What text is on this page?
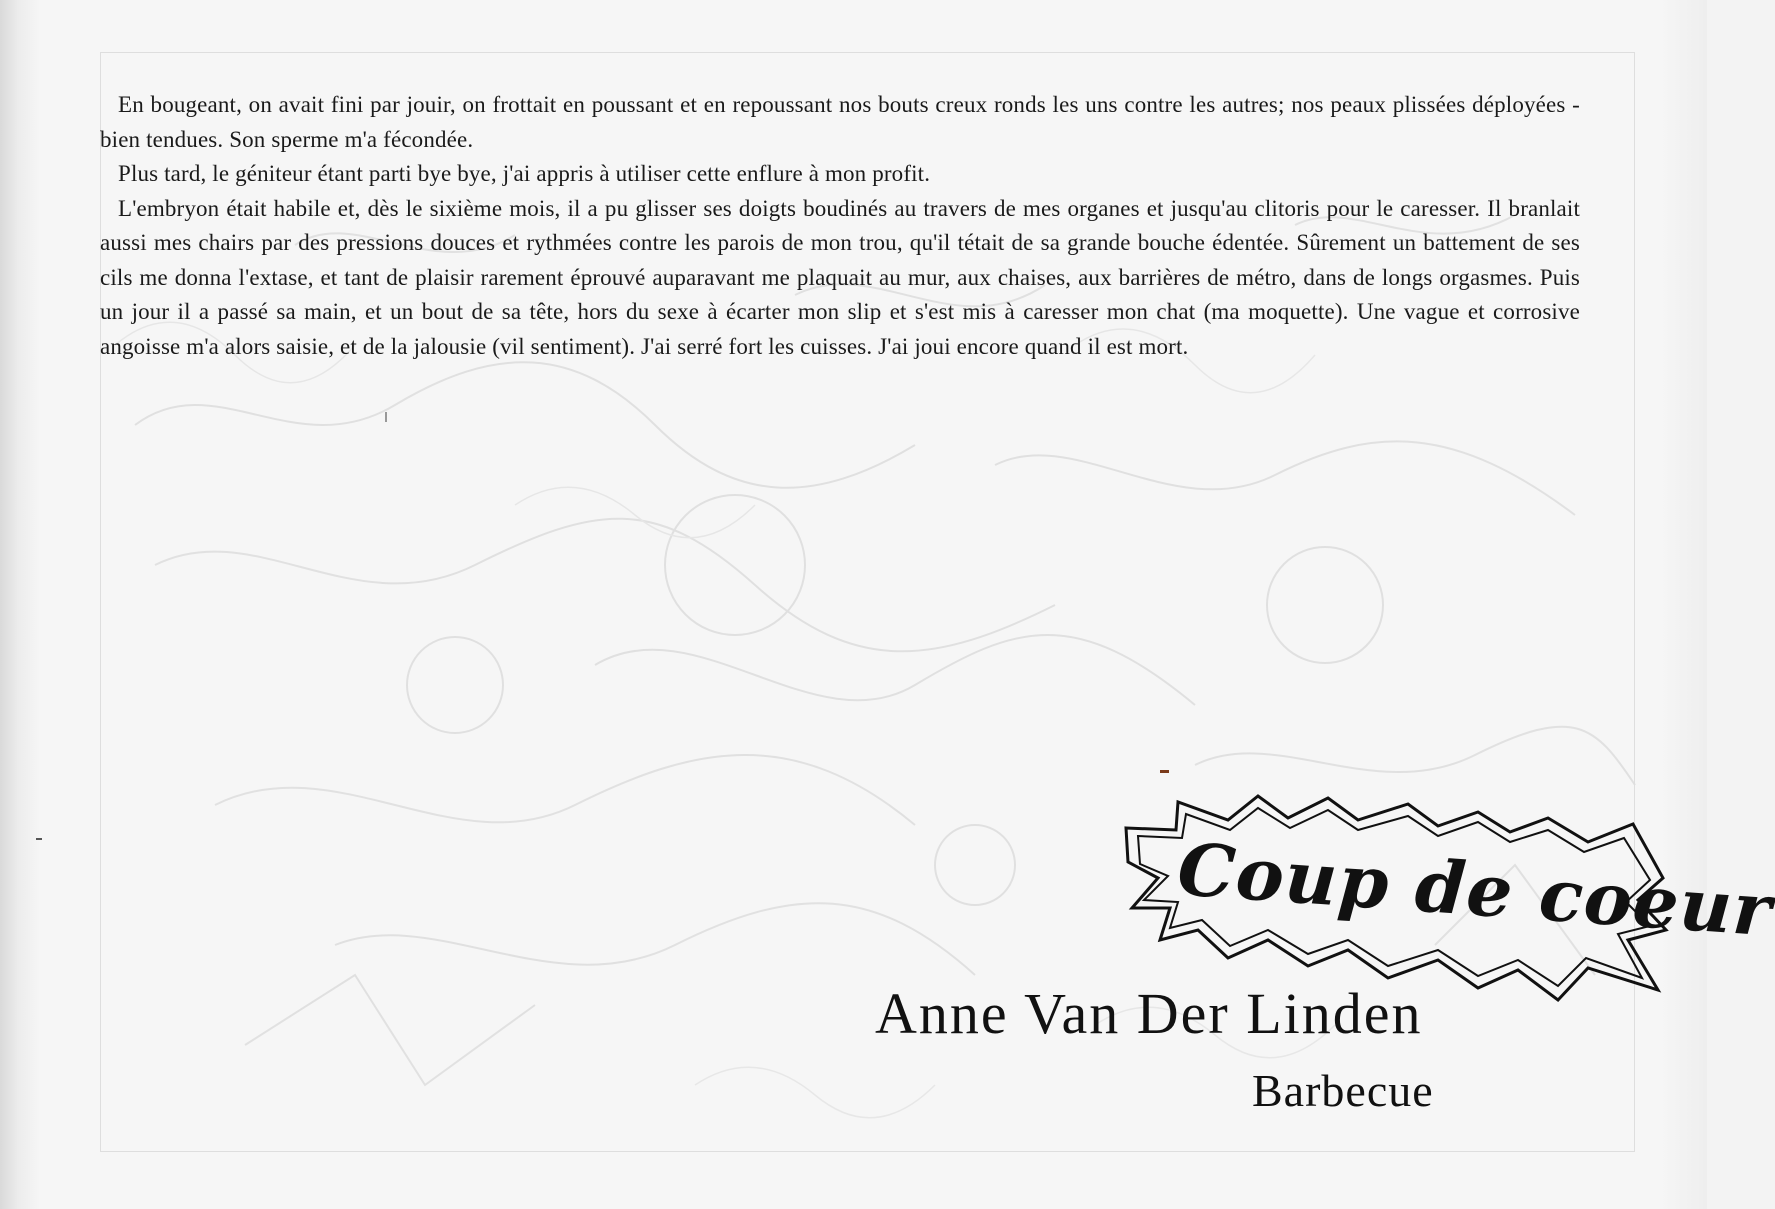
En bougeant, on avait fini par jouir, on frottait en poussant et en repoussant nos bouts creux ronds les uns contre les autres; nos peaux plissées déployées - bien tendues. Son sperme m'a fécondée.

Plus tard, le géniteur étant parti bye bye, j'ai appris à utiliser cette enflure à mon profit.

L'embryon était habile et, dès le sixième mois, il a pu glisser ses doigts boudinés au travers de mes organes et jusqu'au clitoris pour le caresser. Il branlait aussi mes chairs par des pressions douces et rythmées contre les parois de mon trou, qu'il tétait de sa grande bouche édentée. Sûrement un battement de ses cils me donna l'extase, et tant de plaisir rarement éprouvé auparavant me plaquait au mur, aux chaises, aux barrières de métro, dans de longs orgasmes. Puis un jour il a passé sa main, et un bout de sa tête, hors du sexe à écarter mon slip et s'est mis à caresser mon chat (ma moquette). Une vague et corrosive angoisse m'a alors saisie, et de la jalousie (vil sentiment). J'ai serré fort les cuisses. J'ai joui encore quand il est mort.

Coup de coeur
Anne Van Der Linden
Barbecue
